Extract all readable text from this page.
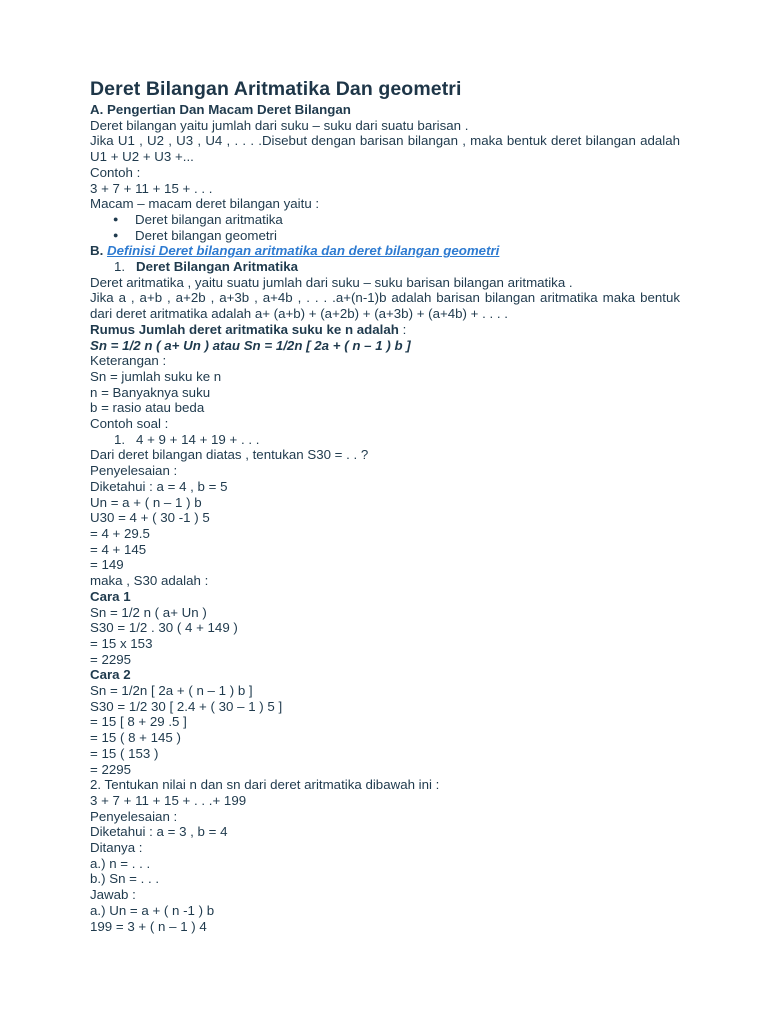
Deret Bilangan Aritmatika Dan geometri
A. Pengertian Dan Macam Deret Bilangan
Deret bilangan yaitu jumlah dari suku – suku dari suatu barisan .
Jika U1 , U2 , U3 , U4 , . . . .Disebut dengan barisan bilangan , maka bentuk deret bilangan adalah U1 + U2 + U3 +...
Contoh :
3 + 7 + 11 + 15 + . . .
Macam – macam deret bilangan yaitu :
● Deret bilangan aritmatika
● Deret bilangan geometri
B. Definisi Deret bilangan aritmatika dan deret bilangan geometri
1. Deret Bilangan Aritmatika
Deret aritmatika , yaitu suatu jumlah dari suku – suku barisan bilangan aritmatika .
Jika a , a+b , a+2b , a+3b , a+4b , . . . .a+(n-1)b adalah barisan bilangan aritmatika maka bentuk dari deret aritmatika adalah a+ (a+b) + (a+2b) + (a+3b) + (a+4b) + . . . .
Rumus Jumlah deret aritmatika suku ke n adalah :
Sn = 1/2 n ( a+ Un ) atau Sn = 1/2n [ 2a + ( n – 1 ) b ]
Keterangan :
Sn = jumlah suku ke n
n = Banyaknya suku
b = rasio atau beda
Contoh soal :
1. 4 + 9 + 14 + 19 + . . .
Dari deret bilangan diatas , tentukan S30 = . . ?
Penyelesaian :
Diketahui : a = 4 , b = 5
Un = a + ( n – 1 ) b
U30 = 4 + ( 30 -1 ) 5
= 4 + 29.5
= 4 + 145
= 149
maka , S30 adalah :
Cara 1
Sn = 1/2 n ( a+ Un )
S30 = 1/2 . 30 ( 4 + 149 )
= 15 x 153
= 2295
Cara 2
Sn = 1/2n [ 2a + ( n – 1 ) b ]
S30 = 1/2 30 [ 2.4 + ( 30 – 1 ) 5 ]
= 15 [ 8 + 29 .5 ]
= 15 ( 8 + 145 )
= 15 ( 153 )
= 2295
2. Tentukan nilai n dan sn dari deret aritmatika dibawah ini :
3 + 7 + 11 + 15 + . . .+ 199
Penyelesaian :
Diketahui : a = 3 , b = 4
Ditanya :
a.) n = . . .
b.) Sn = . . .
Jawab :
a.) Un = a + ( n -1 ) b
199 = 3 + ( n – 1 ) 4
